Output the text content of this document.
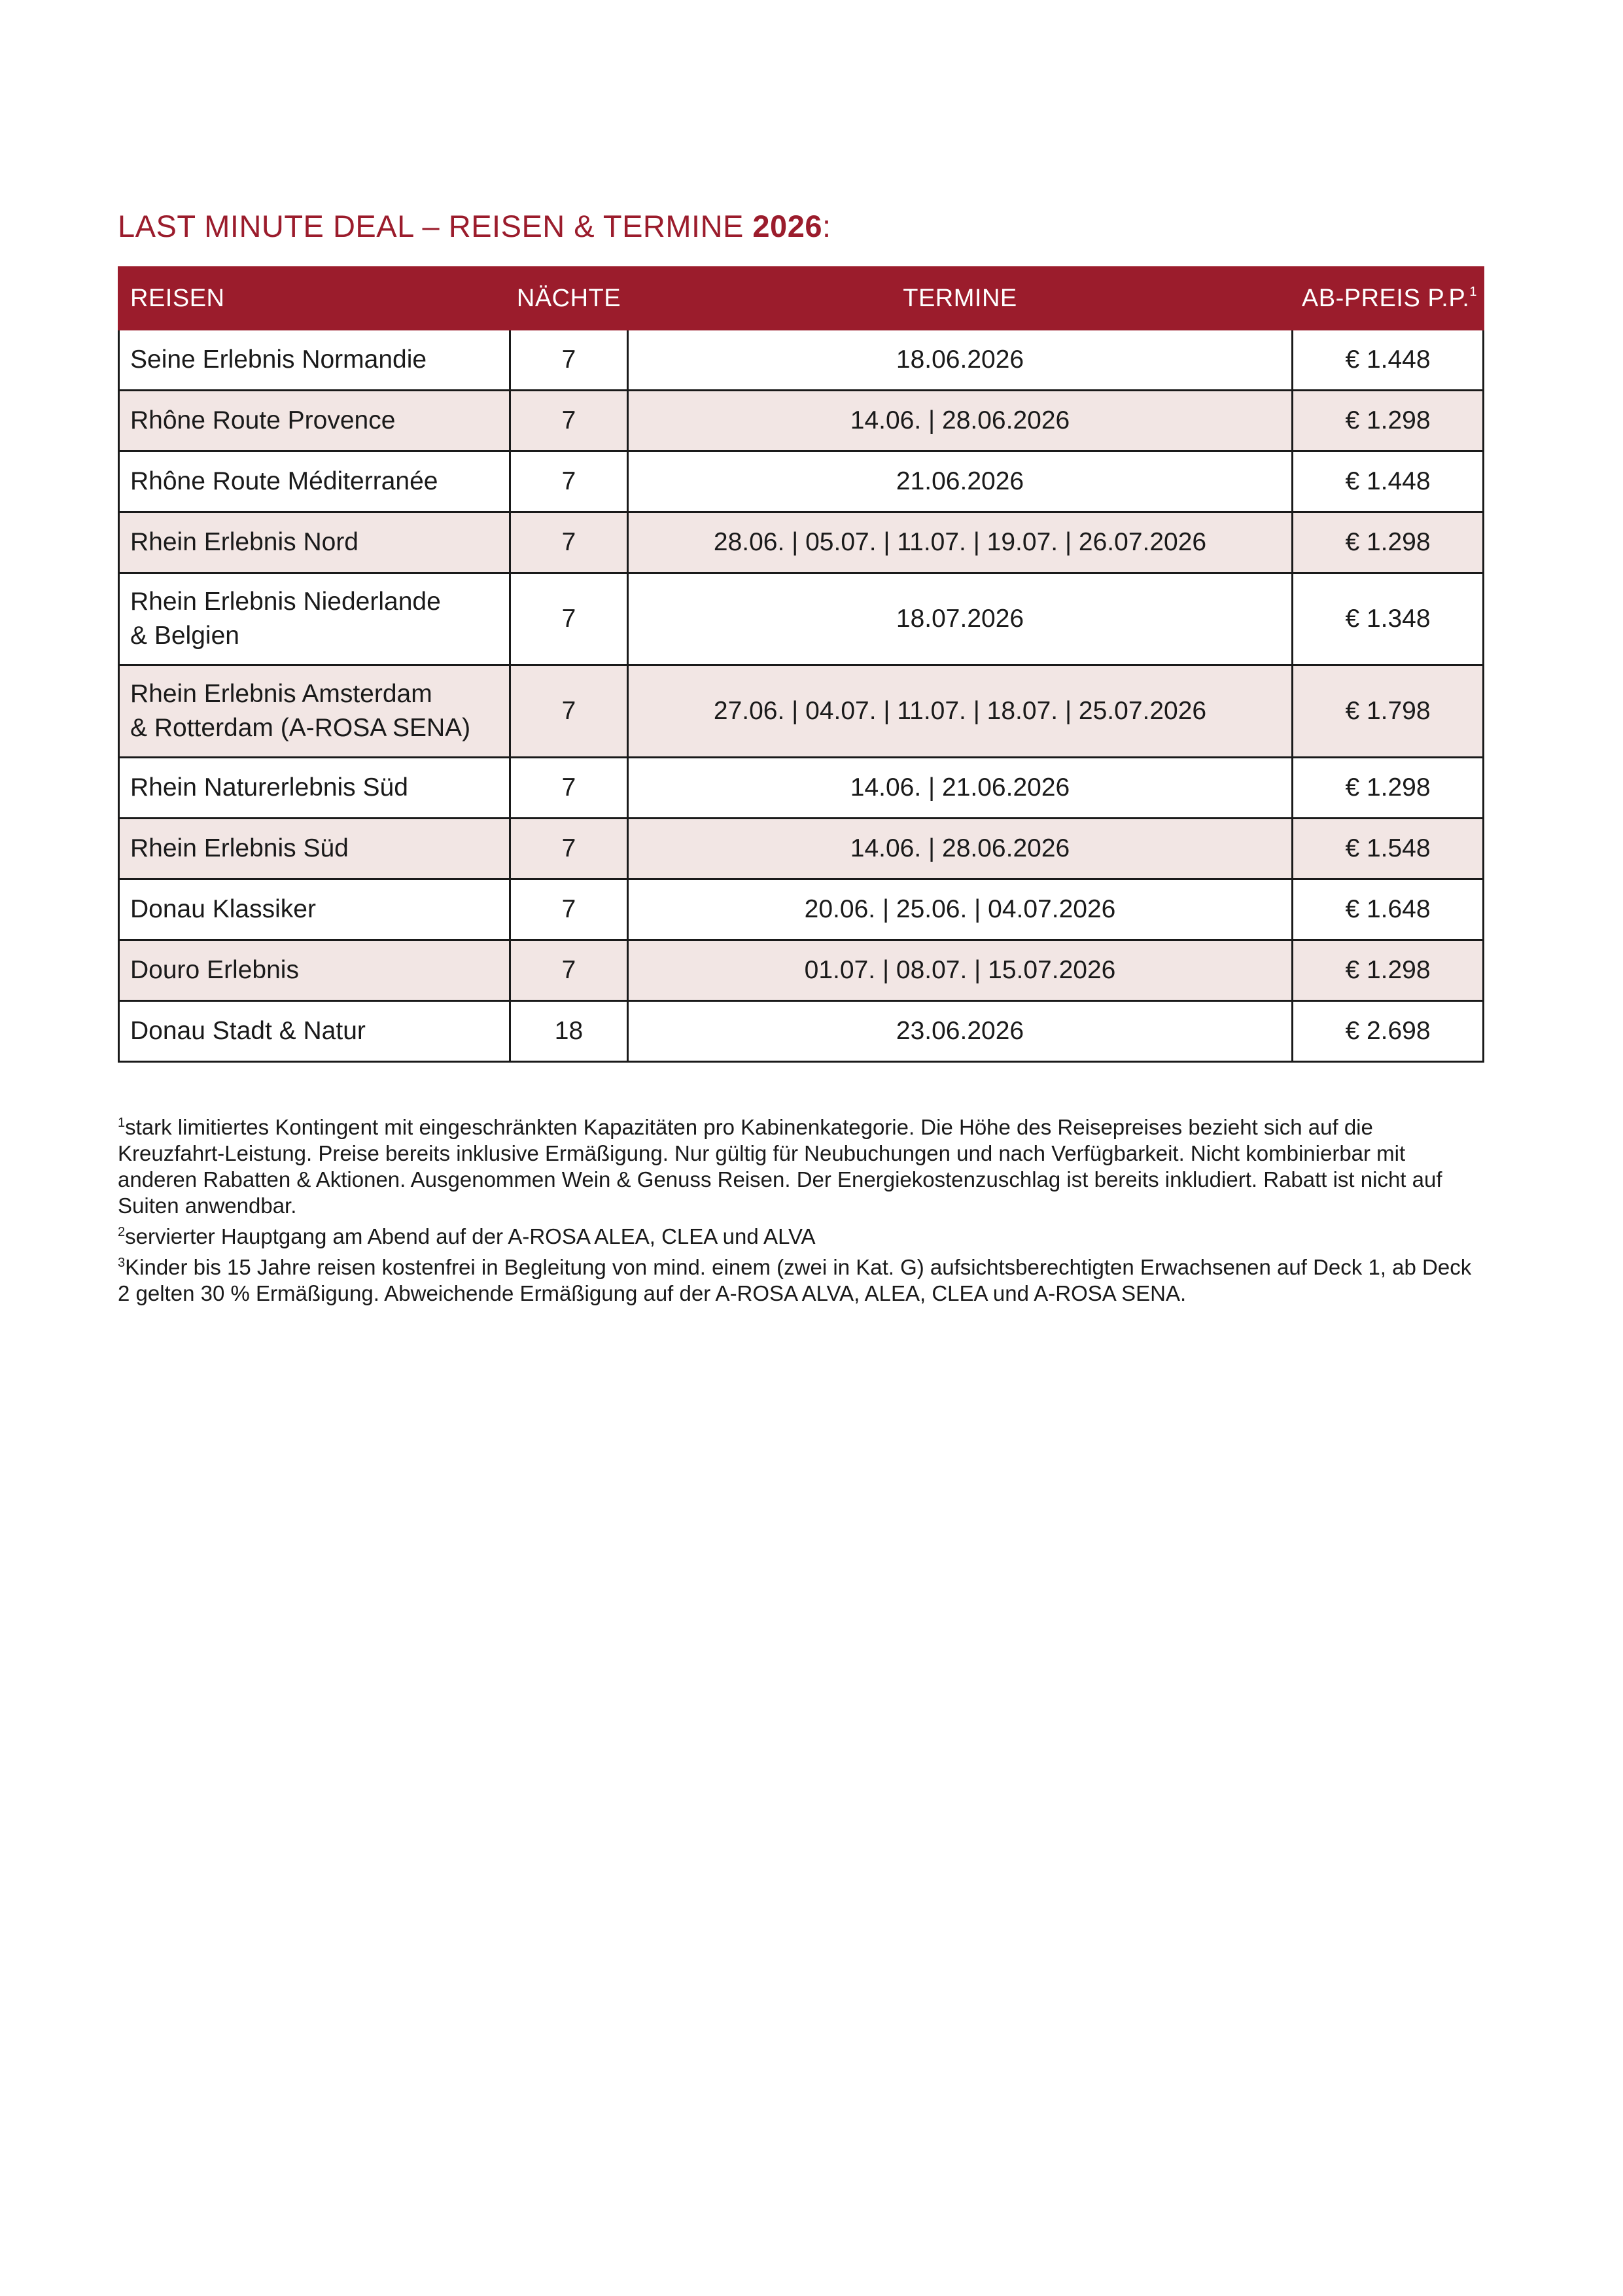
LAST MINUTE DEAL – REISEN & TERMINE 2026:
REISEN	NÄCHTE	TERMINE	AB-PREIS P.P.$^1$
Seine Erlebnis Normandie	7	18.06.2026	€ 1.448
Rhône Route Provence	7	14.06. | 28.06.2026	€ 1.298
Rhône Route Méditerranée	7	21.06.2026	€ 1.448
Rhein Erlebnis Nord	7	28.06. | 05.07. | 11.07. | 19.07. | 26.07.2026	€ 1.298
Rhein Erlebnis Niederlande
& Belgien	7	18.07.2026	€ 1.348
Rhein Erlebnis Amsterdam
& Rotterdam (A-ROSA SENA)	7	27.06. | 04.07. | 11.07. | 18.07. | 25.07.2026	€ 1.798
Rhein Naturerlebnis Süd	7	14.06. | 21.06.2026	€ 1.298
Rhein Erlebnis Süd	7	14.06. | 28.06.2026	€ 1.548
Donau Klassiker	7	20.06. | 25.06. | 04.07.2026	€ 1.648
Douro Erlebnis	7	01.07. | 08.07. | 15.07.2026	€ 1.298
Donau Stadt & Natur	18	23.06.2026	€ 2.698

$^1$stark limitiertes Kontingent mit eingeschränkten Kapazitäten pro Kabinenkategorie. Die Höhe des Reisepreises bezieht sich auf die Kreuzfahrt-Leistung. Preise bereits inklusive Ermäßigung. Nur gültig für Neubuchungen und nach Verfügbarkeit. Nicht kombinierbar mit anderen Rabatten & Aktionen. Ausgenommen Wein & Genuss Reisen. Der Energiekostenzuschlag ist bereits inkludiert. Rabatt ist nicht auf Suiten anwendbar.

$^2$servierter Hauptgang am Abend auf der A-ROSA ALEA, CLEA und ALVA

$^3$Kinder bis 15 Jahre reisen kostenfrei in Begleitung von mind. einem (zwei in Kat. G) aufsichtsberechtigten Erwachsenen auf Deck 1, ab Deck 2 gelten 30 % Ermäßigung. Abweichende Ermäßigung auf der A-ROSA ALVA, ALEA, CLEA und A-ROSA SENA.
